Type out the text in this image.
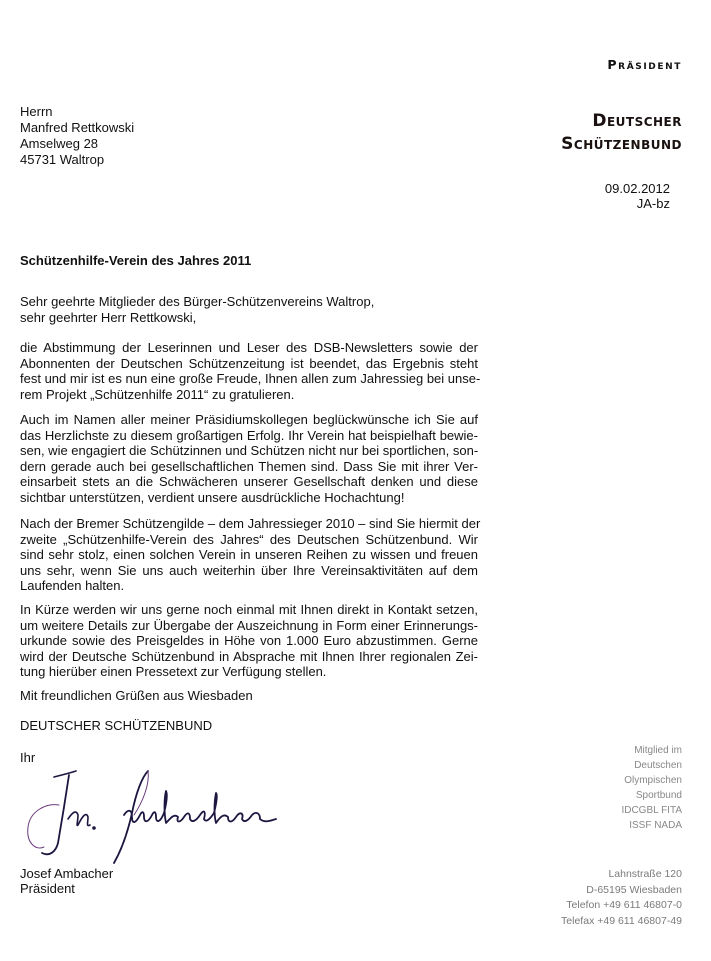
Präsident
Deutscher
Schützenbund
09.02.2012
JA-bz
Herrn
Manfred Rettkowski
Amselweg 28
45731 Waltrop
Schützenhilfe-Verein des Jahres 2011
Sehr geehrte Mitglieder des Bürger-Schützenvereins Waltrop,
sehr geehrter Herr Rettkowski,
die Abstimmung der Leserinnen und Leser des DSB-Newsletters sowie der
Abonnenten der Deutschen Schützenzeitung ist beendet, das Ergebnis steht
fest und mir ist es nun eine große Freude, Ihnen allen zum Jahressieg bei unse-
rem Projekt „Schützenhilfe 2011“ zu gratulieren.
Auch im Namen aller meiner Präsidiumskollegen beglückwünsche ich Sie auf
das Herzlichste zu diesem großartigen Erfolg. Ihr Verein hat beispielhaft bewie-
sen, wie engagiert die Schützinnen und Schützen nicht nur bei sportlichen, son-
dern gerade auch bei gesellschaftlichen Themen sind. Dass Sie mit ihrer Ver-
einsarbeit stets an die Schwächeren unserer Gesellschaft denken und diese
sichtbar unterstützen, verdient unsere ausdrückliche Hochachtung!
Nach der Bremer Schützengilde – dem Jahressieger 2010 – sind Sie hiermit der
zweite „Schützenhilfe-Verein des Jahres“ des Deutschen Schützenbund. Wir
sind sehr stolz, einen solchen Verein in unseren Reihen zu wissen und freuen
uns sehr, wenn Sie uns auch weiterhin über Ihre Vereinsaktivitäten auf dem
Laufenden halten.
In Kürze werden wir uns gerne noch einmal mit Ihnen direkt in Kontakt setzen,
um weitere Details zur Übergabe der Auszeichnung in Form einer Erinnerungs-
urkunde sowie des Preisgeldes in Höhe von 1.000 Euro abzustimmen. Gerne
wird der Deutsche Schützenbund in Absprache mit Ihnen Ihrer regionalen Zei-
tung hierüber einen Pressetext zur Verfügung stellen.
Mit freundlichen Grüßen aus Wiesbaden
DEUTSCHER SCHÜTZENBUND
Ihr
Josef Ambacher
Präsident
Mitglied im
Deutschen
Olympischen
Sportbund
IDCGBL FITA
ISSF NADA
Lahnstraße 120
D-65195 Wiesbaden
Telefon +49 611 46807-0
Telefax +49 611 46807-49
